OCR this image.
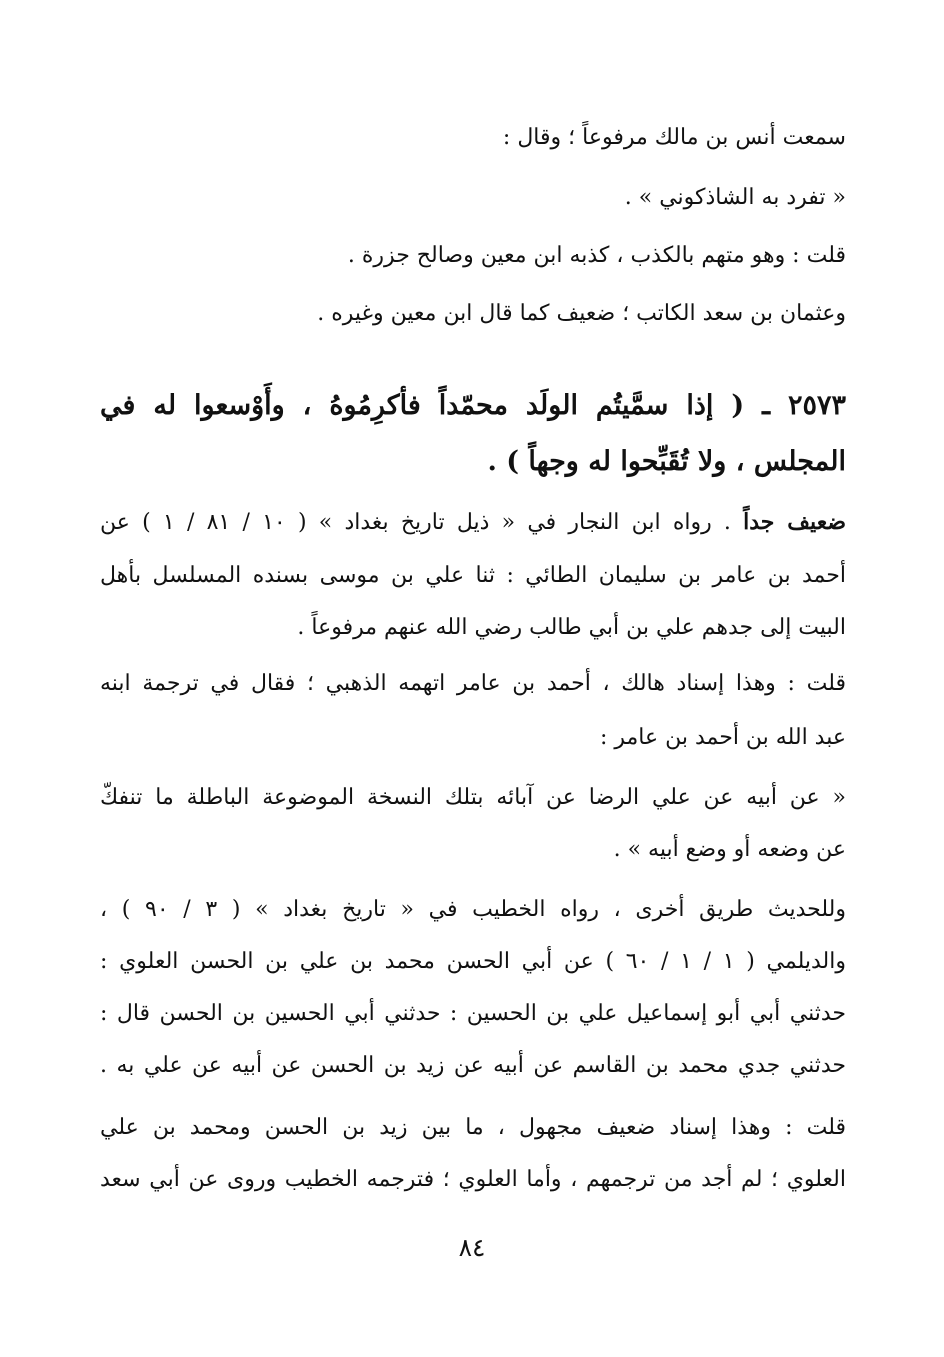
سمعت أنس بن مالك مرفوعاً ؛ وقال :
« تفرد به الشاذكوني » .
قلت : وهو متهم بالكذب ، كذبه ابن معين وصالح جزرة .
وعثمان بن سعد الكاتب ؛ ضعيف كما قال ابن معين وغيره .
٢٥٧٣ ـ ( إذا سمَّيتُم الولَد محمّداً فأكرِمُوهُ ، وأَوْسعوا له في
المجلس ، ولا تُقَبِّحوا له وجهاً ) .
ضعيف جداً . رواه ابن النجار في « ذيل تاريخ بغداد » ( ١٠ / ٨١ / ١ ) عن
أحمد بن عامر بن سليمان الطائي : ثنا علي بن موسى بسنده المسلسل بأهل
البيت إلى جدهم علي بن أبي طالب رضي الله عنهم مرفوعاً .
قلت : وهذا إسناد هالك ، أحمد بن عامر اتهمه الذهبي ؛ فقال في ترجمة ابنه
عبد الله بن أحمد بن عامر :
« عن أبيه عن علي الرضا عن آبائه بتلك النسخة الموضوعة الباطلة ما تنفكّ
عن وضعه أو وضع أبيه » .
وللحديث طريق أخرى ، رواه الخطيب في « تاريخ بغداد » ( ٣ / ٩٠ ) ،
والديلمي ( ١ / ١ / ٦٠ ) عن أبي الحسن محمد بن علي بن الحسن العلوي :
حدثني أبي أبو إسماعيل علي بن الحسين : حدثني أبي الحسين بن الحسن قال :
حدثني جدي محمد بن القاسم عن أبيه عن زيد بن الحسن عن أبيه عن علي به .
قلت : وهذا إسناد ضعيف مجهول ، ما بين زيد بن الحسن ومحمد بن علي
العلوي ؛ لم أجد من ترجمهم ، وأما العلوي ؛ فترجمه الخطيب وروى عن أبي سعد
٨٤
